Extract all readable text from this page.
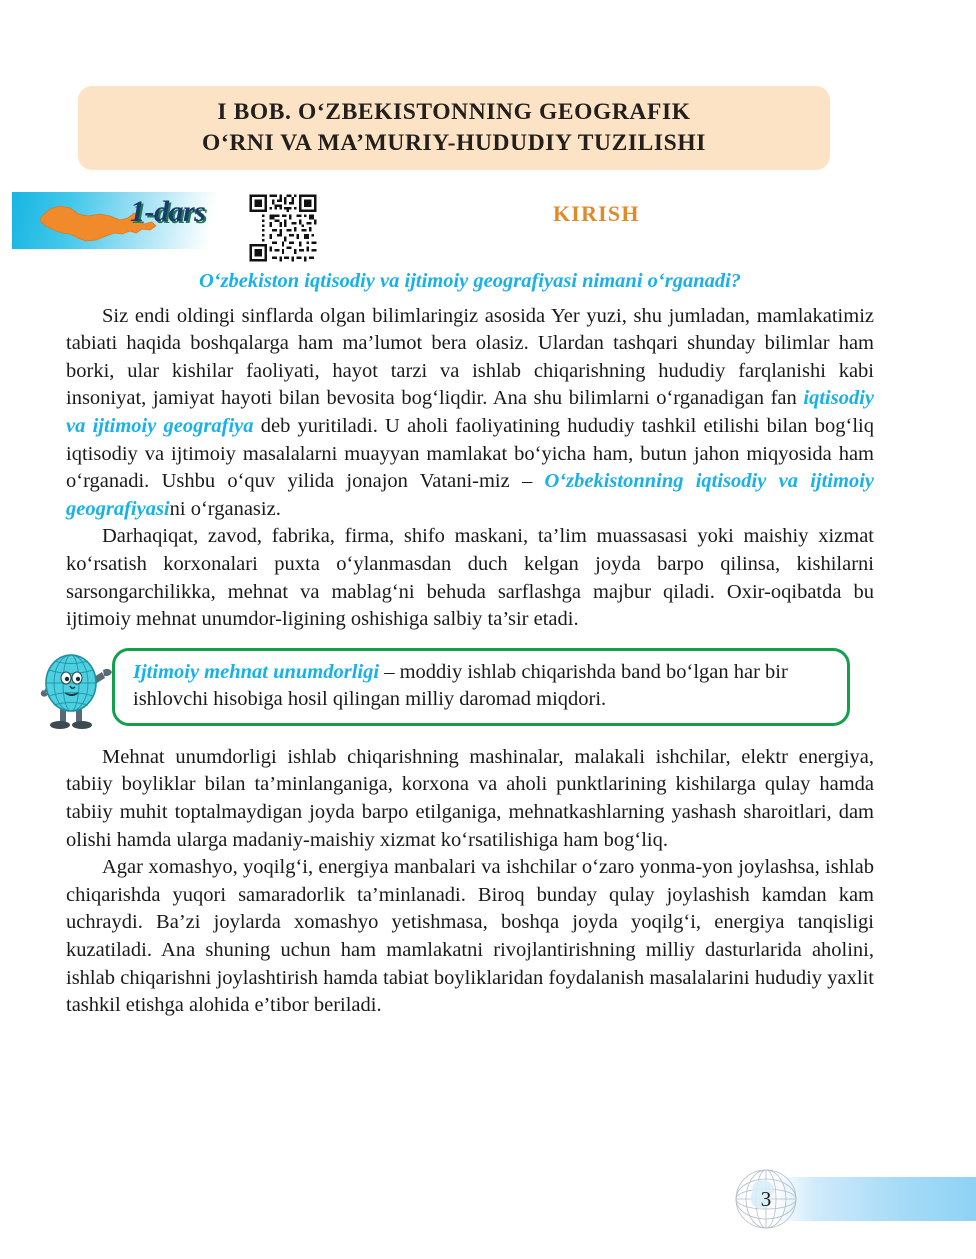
I BOB. O‘ZBEKISTONNING GEOGRAFIK
O‘RNI VA MA’MURIY-HUDUDIY TUZILISHI
1-dars	KIRISH
O‘zbekiston iqtisodiy va ijtimoiy geografiyasi nimani o‘rganadi?

Siz endi oldingi sinflarda olgan bilimlaringiz asosida Yer yuzi, shu jumladan, mamlakatimiz tabiati haqida boshqalarga ham ma’lumot bera olasiz. Ulardan tashqari shunday bilimlar ham borki, ular kishilar faoliyati, hayot tarzi va ishlab chiqarishning hududiy farqlanishi kabi insoniyat, jamiyat hayoti bilan bevosita bog‘liqdir. Ana shu bilimlarni o‘rganadigan fan iqtisodiy va ijtimoiy geografiya deb yuritiladi. U aholi faoliyatining hududiy tashkil etilishi bilan bog‘liq iqtisodiy va ijtimoiy masalalarni muayyan mamlakat bo‘yicha ham, butun jahon miqyosida ham o‘rganadi. Ushbu o‘quv yilida jonajon Vatani-miz – O‘zbekistonning iqtisodiy va ijtimoiy geografiyasini o‘rganasiz.

Darhaqiqat, zavod, fabrika, firma, shifo maskani, ta’lim muassasasi yoki maishiy xizmat ko‘rsatish korxonalari puxta o‘ylanmasdan duch kelgan joyda barpo qilinsa, kishilarni sarsongarchilikka, mehnat va mablag‘ni behuda sarflashga majbur qiladi. Oxir-oqibatda bu ijtimoiy mehnat unumdor-ligining oshishiga salbiy ta’sir etadi.

Ijtimoiy mehnat unumdorligi – moddiy ishlab chiqarishda band bo‘lgan har bir ishlovchi hisobiga hosil qilingan milliy daromad miqdori.

Mehnat unumdorligi ishlab chiqarishning mashinalar, malakali ishchilar, elektr energiya, tabiiy boyliklar bilan ta’minlanganiga, korxona va aholi punktlarining kishilarga qulay hamda tabiiy muhit toptalmaydigan joyda barpo etilganiga, mehnatkashlarning yashash sharoitlari, dam olishi hamda ularga madaniy-maishiy xizmat ko‘rsatilishiga ham bog‘liq.

Agar xomashyo, yoqilg‘i, energiya manbalari va ishchilar o‘zaro yonma-yon joylashsa, ishlab chiqarishda yuqori samaradorlik ta’minlanadi. Biroq bunday qulay joylashish kamdan kam uchraydi. Ba’zi joylarda xomashyo yetishmasa, boshqa joyda yoqilg‘i, energiya tanqisligi kuzatiladi. Ana shuning uchun ham mamlakatni rivojlantirishning milliy dasturlarida aholini, ishlab chiqarishni joylashtirish hamda tabiat boyliklaridan foydalanish masalalarini hududiy yaxlit tashkil etishga alohida e’tibor beriladi.

3
